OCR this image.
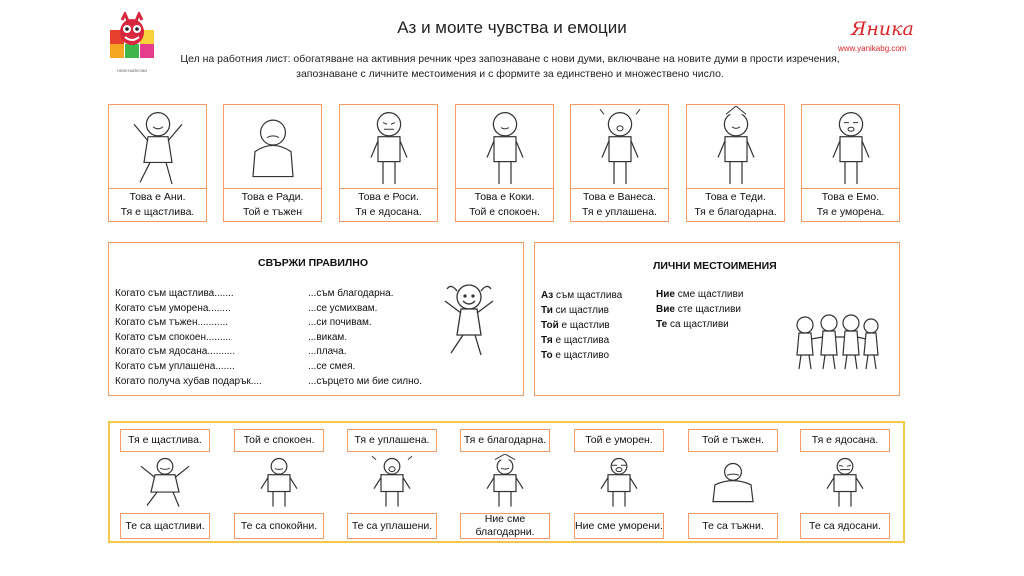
НЕВЕНАЙКОВИ
Аз и моите чувства и емоции
Цел на работния лист: обогатяване на активния речник чрез запознаване с нови думи, включване на новите думи в прости изречения, запознаване с личните местоимения и с формите за единствено и множествено число.
Яника
www.yanikabg.com
Това е Ани.
Тя е щастлива.
Това е Ради.
Той е тъжен
Това е Роси.
Тя е ядосана.
Това е Коки.
Той е спокоен.
Това е Ванеса.
Тя е уплашена.
Това е Теди.
Тя е благодарна.
Това е Емо.
Тя е уморена.
СВЪРЖИ ПРАВИЛНО
Когато съм щастлива.......
Когато съм уморена........
Когато съм тъжен...........
Когато съм спокоен.........
Когато съм ядосана..........
Когато съм уплашена.......
Когато получа хубав подарък....
...съм благодарна.
...се усмихвам.
...си почивам.
...викам.
...плача.
...се смея.
...сърцето ми бие силно.
ЛИЧНИ МЕСТОИМЕНИЯ
Аз съм щастлива
Ти си щастлив
Той е щастлив
Тя е щастлива
То е щастливо
Ние сме щастливи
Вие сте щастливи
Те са щастливи
Тя е щастлива.
Те са щастливи.
Той е спокоен.
Те са спокойни.
Тя е уплашена.
Те са уплашени.
Тя е благодарна.
Ние сме благодарни.
Той е уморен.
Ние сме уморени.
Той е тъжен.
Те са тъжни.
Тя е ядосана.
Те са ядосани.
